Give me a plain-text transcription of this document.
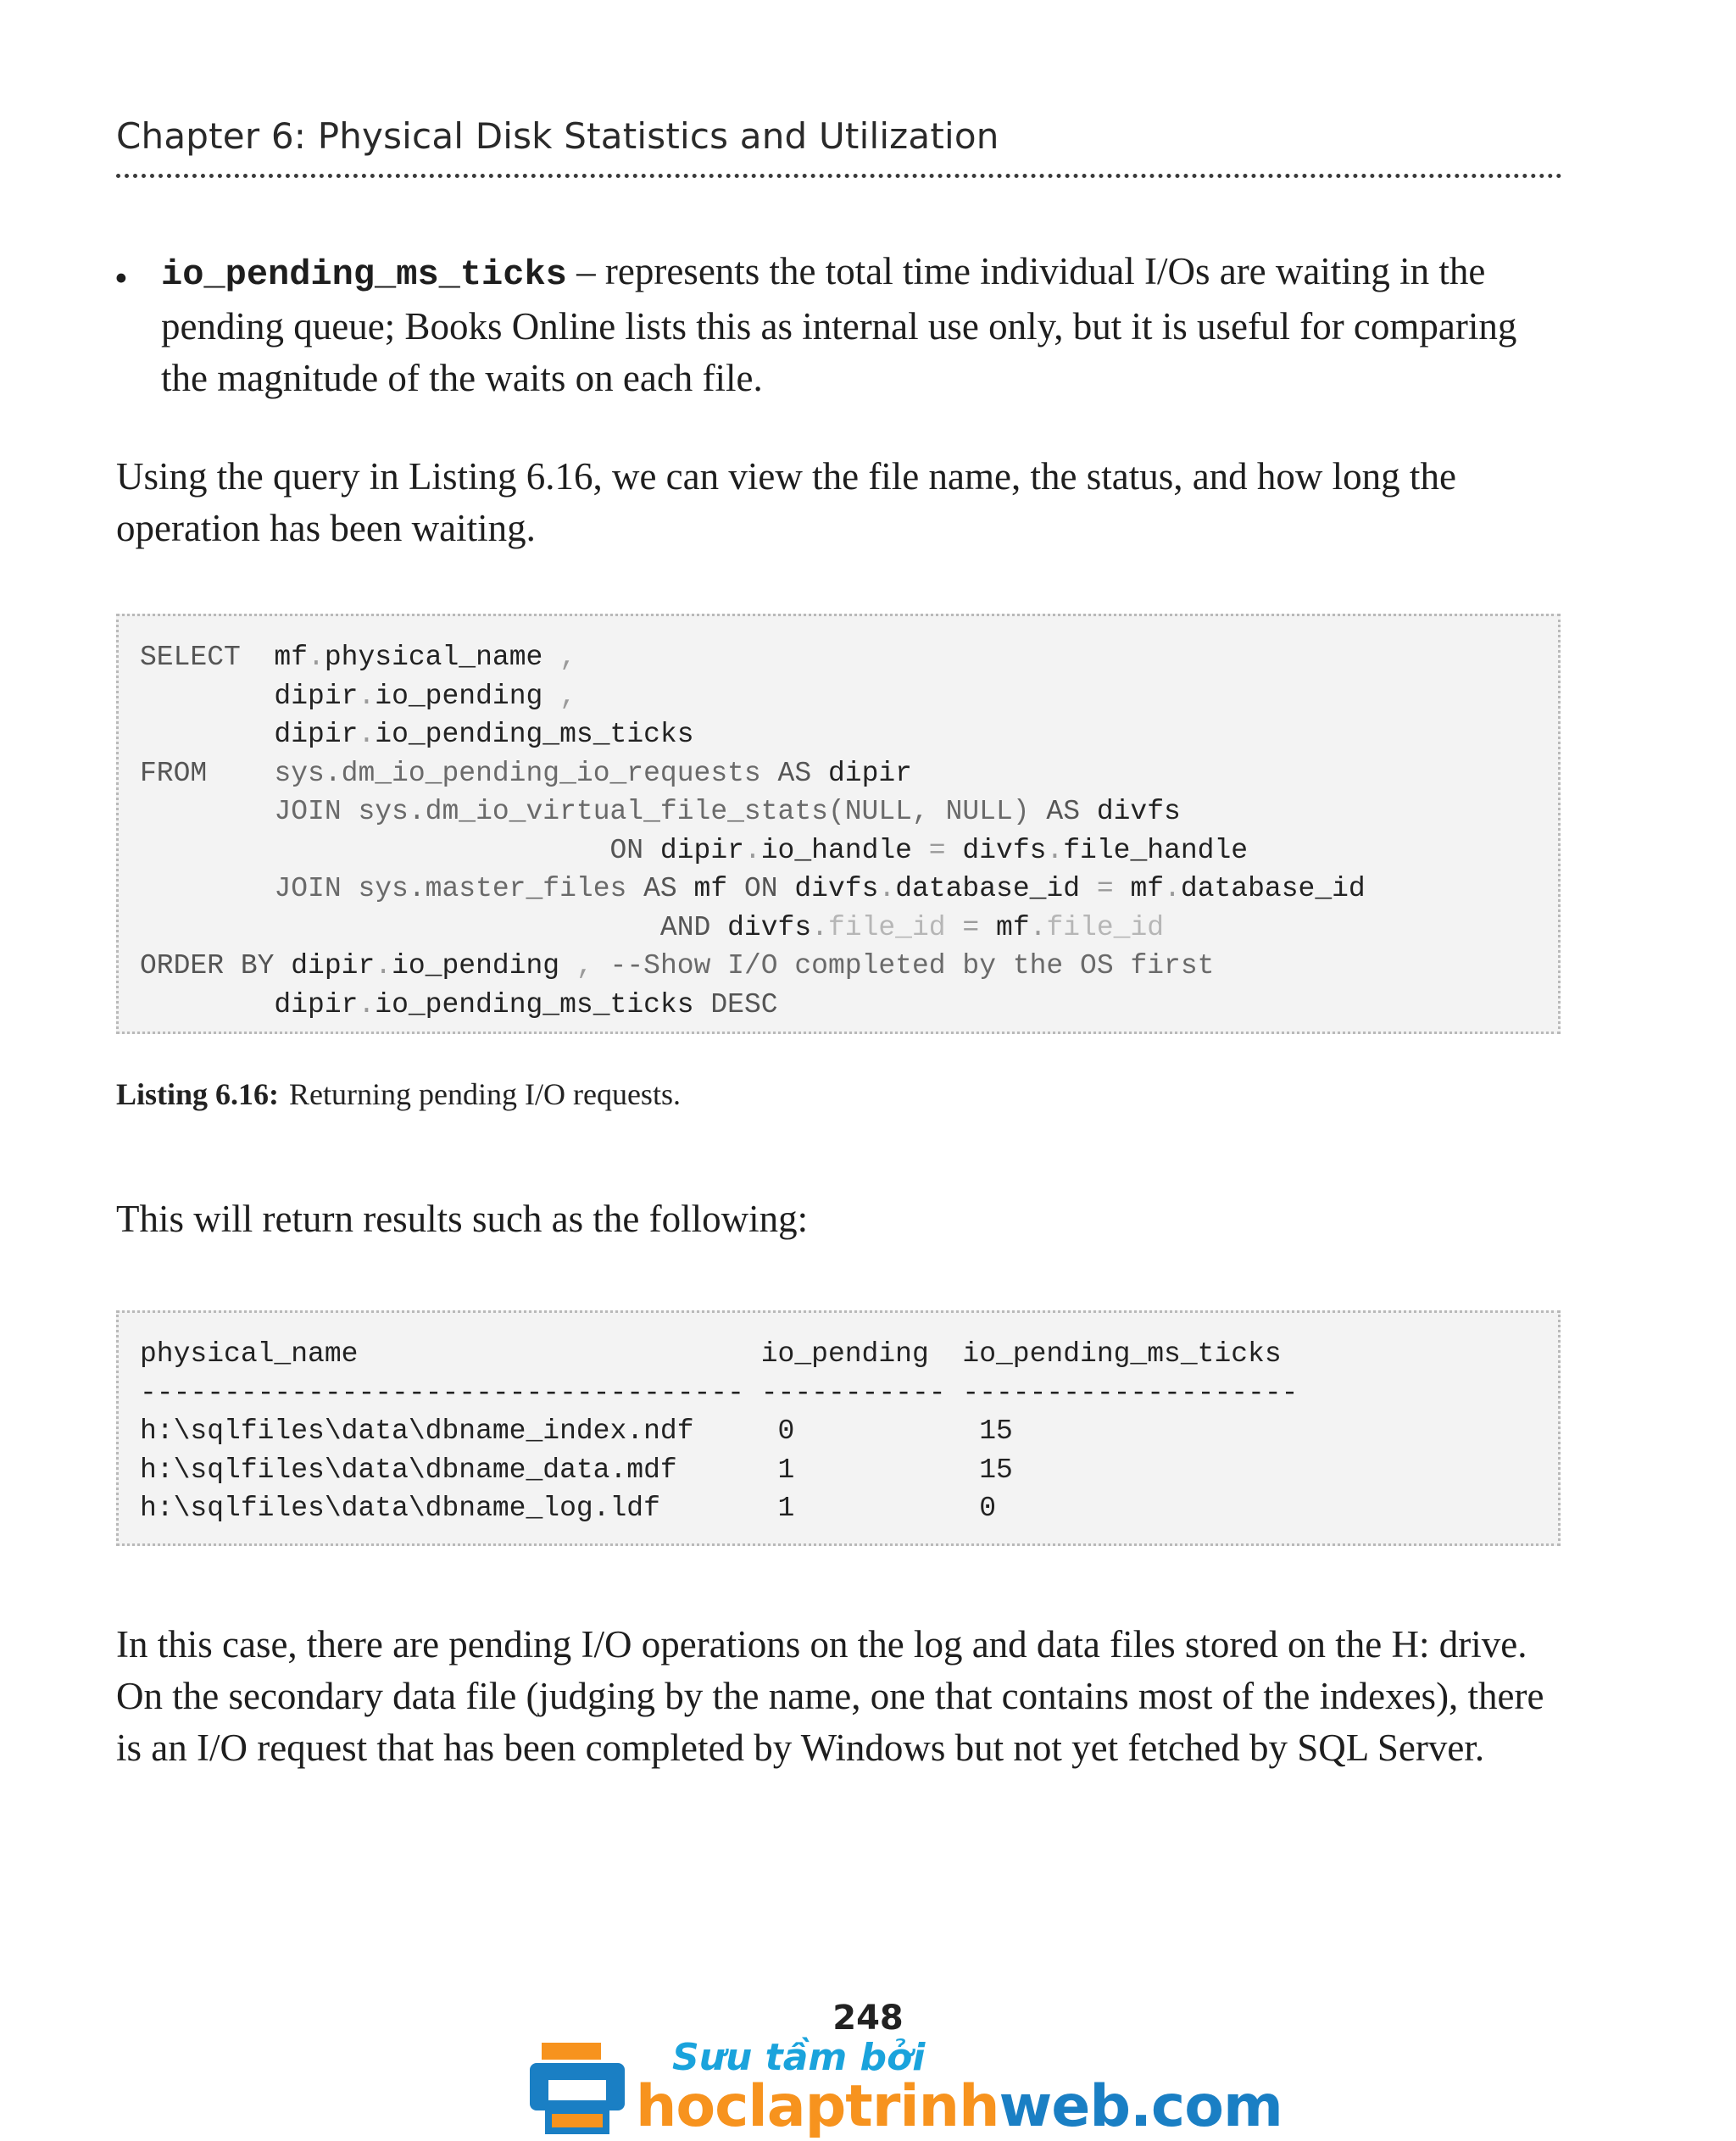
Chapter 6: Physical Disk Statistics and Utilization
• io_pending_ms_ticks – represents the total time individual I/Os are waiting in the pending queue; Books Online lists this as internal use only, but it is useful for comparing the magnitude of the waits on each file.
Using the query in Listing 6.16, we can view the file name, the status, and how long the operation has been waiting.
SELECT  mf.physical_name ,
dipir.io_pending ,
dipir.io_pending_ms_ticks
FROM sys.dm_io_pending_io_requests AS dipir
JOIN sys.dm_io_virtual_file_stats(NULL, NULL) AS divfs
ON dipir.io_handle = divfs.file_handle
JOIN sys.master_files AS mf ON divfs.database_id = mf.database_id
AND divfs.file_id = mf.file_id
ORDER BY dipir.io_pending , --Show I/O completed by the OS first
dipir.io_pending_ms_ticks DESC
Listing 6.16: Returning pending I/O requests.
This will return results such as the following:
physical_name	io_pending io_pending_ms_ticks
------------------------------------ ----------- --------------------
h:\sqlfiles\data\dbname_index.ndf	0	15
h:\sqlfiles\data\dbname_data.mdf	1	15
h:\sqlfiles\data\dbname_log.ldf	1	0
In this case, there are pending I/O operations on the log and data files stored on the H: drive. On the secondary data file (judging by the name, one that contains most of the indexes), there is an I/O request that has been completed by Windows but not yet fetched by SQL Server.
248
Sưu tầm bởi
hoclaptrinhweb.com
